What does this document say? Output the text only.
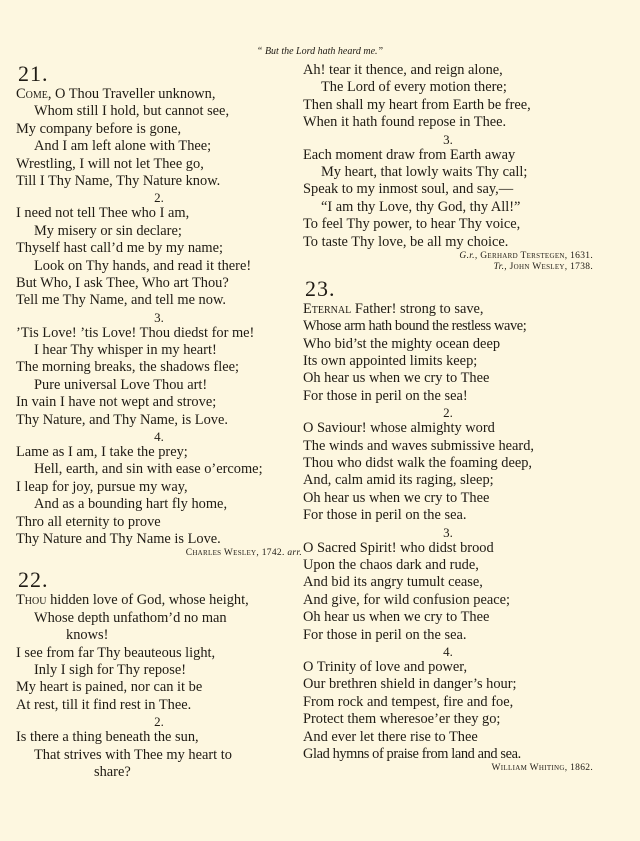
“ But the Lord hath heard me.”
21.
Come, O Thou Traveller unknown,
Whom still I hold, but cannot see,
My company before is gone,
And I am left alone with Thee;
Wrestling, I will not let Thee go,
Till I Thy Name, Thy Nature know.
2.
I need not tell Thee who I am,
My misery or sin declare;
Thyself hast call’d me by my name;
Look on Thy hands, and read it there!
But Who, I ask Thee, Who art Thou?
Tell me Thy Name, and tell me now.
3.
’Tis Love! ’tis Love! Thou diedst for me!
I hear Thy whisper in my heart!
The morning breaks, the shadows flee;
Pure universal Love Thou art!
In vain I have not wept and strove;
Thy Nature, and Thy Name, is Love.
4.
Lame as I am, I take the prey;
Hell, earth, and sin with ease o’ercome;
I leap for joy, pursue my way,
And as a bounding hart fly home,
Thro all eternity to prove
Thy Nature and Thy Name is Love.
Charles Wesley, 1742. arr.
22.
Thou hidden love of God, whose height,
Whose depth unfathom’d no man
knows!
I see from far Thy beauteous light,
Inly I sigh for Thy repose!
My heart is pained, nor can it be
At rest, till it find rest in Thee.
2.
Is there a thing beneath the sun,
That strives with Thee my heart to
share?
Ah! tear it thence, and reign alone,
The Lord of every motion there;
Then shall my heart from Earth be free,
When it hath found repose in Thee.
3.
Each moment draw from Earth away
My heart, that lowly waits Thy call;
Speak to my inmost soul, and say,—
“I am thy Love, thy God, thy All!”
To feel Thy power, to hear Thy voice,
To taste Thy love, be all my choice.
G.r., Gerhard Terstegen, 1631.
Tr., John Wesley, 1738.
23.
Eternal Father! strong to save,
Whose arm hath bound the restless wave;
Who bid’st the mighty ocean deep
Its own appointed limits keep;
Oh hear us when we cry to Thee
For those in peril on the sea!
2.
O Saviour! whose almighty word
The winds and waves submissive heard,
Thou who didst walk the foaming deep,
And, calm amid its raging, sleep;
Oh hear us when we cry to Thee
For those in peril on the sea.
3.
O Sacred Spirit! who didst brood
Upon the chaos dark and rude,
And bid its angry tumult cease,
And give, for wild confusion peace;
Oh hear us when we cry to Thee
For those in peril on the sea.
4.
O Trinity of love and power,
Our brethren shield in danger’s hour;
From rock and tempest, fire and foe,
Protect them wheresoe’er they go;
And ever let there rise to Thee
Glad hymns of praise from land and sea.
William Whiting, 1862.
